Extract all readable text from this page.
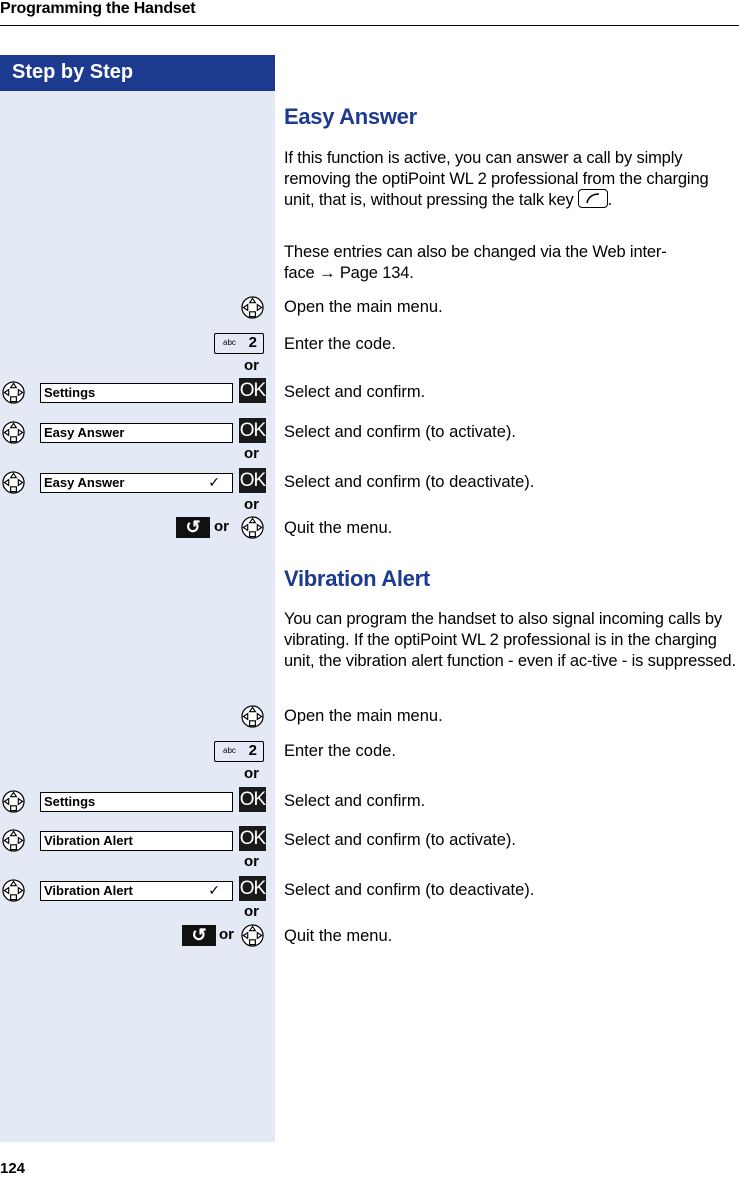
Programming the Handset
Step by Step
Easy Answer
If this function is active, you can answer a call by simply removing the optiPoint WL 2 professional from the charging unit, that is, without pressing the talk key .
These entries can also be changed via the Web inter-
face → Page 134.
Open the main menu.
abc 2 Enter the code.
or
Settings	OK Select and confirm.
Easy Answer	OK Select and confirm (to activate).
or
Easy Answer	✓ OK Select and confirm (to deactivate).
or
↺ or	Quit the menu.
Vibration Alert
You can program the handset to also signal incoming calls by vibrating. If the optiPoint WL 2 professional is in the charging unit, the vibration alert function - even if ac-tive - is suppressed.
Open the main menu.
abc 2 Enter the code.
or
Settings	OK Select and confirm.
Vibration Alert	OK Select and confirm (to activate).
or
Vibration Alert	✓ OK Select and confirm (to deactivate).
or
↺ or	Quit the menu.
124
